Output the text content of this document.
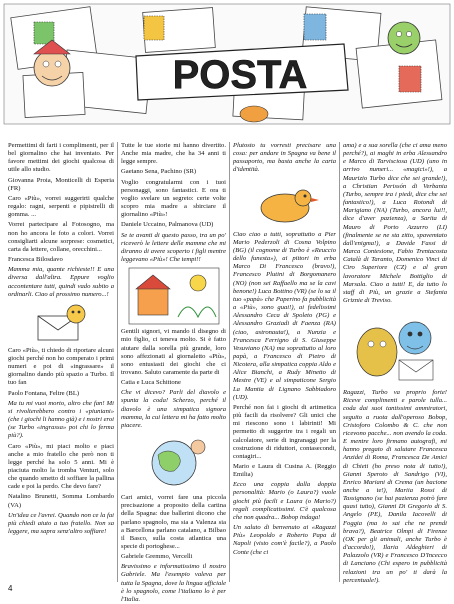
POSTA

Permettimi di farti i complimenti, per il bel giornalino che hai inventato. Per favore mettimi dei giochi qualcosa di utile allo studio.

Giovanna Proia, Monticelli di Esperia (FR)

Caro «Più», vorrei suggerirti qualche regalo: ragni, serpenti e pipistrelli di gomma. ...

Vorrei partecipare al Fotosogno, ma non ho ancora le foto a colori. Vorrei consigliarti alcune sorprese: cosmetici, carta da lettere, collane, orecchini...

Francesca Bilosdavo

Mamma mia, quante richieste!! E una diversa dall'altra. Eppure voglio accontentare tutti, quindi vado subito a ordinarli. Ciao al prossimo numero...!

Caro «Più», ti chiedo di riportare alcuni giochi perché non ho comperato i primi numeri e poi di «ingrassare» il giornalino dando più spazio a Turbo. Il tuo fan

Paolo Fontana, Feltre (BL)

Ma tu mi vuoi morto, altro che fan! Mi si rivolterebbero contro i «piuniani» (che i giochi li hanno già) e i nostri eroi (se Turbo «ingrassa» poi chi lo ferma più?).

Caro «Più», mi piaci molto e piaci anche a mio fratello che però non ti legge perché ha solo 5 anni. Mi è piaciuta molto la tromba Venturi, solo che quando smetto di soffiare la pallina cade e poi la perdo. Che devo fare?

Natalino Brunetti, Somma Lombardo (VA)

Un'idea ce l'avrei. Quando non ce la fai più chiedi aiuto a tuo fratello. Non sa leggere, ma sapra senz'altro soffiare!

Tutte le tue storie mi hanno divertito. Anche mia madre, che ha 34 anni ti legge sempre.

Gaetano Sena, Pachino (SR)

Voglio congratularmi con i tuoi personaggi, sono fantastici. E ora ti voglio svelare un segreto: certe volte scopro mia madre a sbirciare il giornalino «Più»!

Daniele Uccaino, Palmanova (UD)

Se te avanti di questo passo, tra un po' riceverò le lettere delle mamme che mi diranno di avere scoperto i figli mentre leggevano «Più»! Che tempi!!

Gentili signori, vi mando il disegno di mio figlio, ci teneva molto. Si è fatto aiutare dalla sorella più grande, loro sono affezionati al giornaletto «Più», sono entusiasti dei giochi che ci trovano. Saluto caramente da parte di

Catia e Luca Schittone

Che vi dicevo? Parli del diavolo e spunta la coda! Scherzo, perché il diavolo è una simpatica signora mamma, la cui lettera mi ha fatto molto piacere.

Cari amici, vorrei fare una piccola precisazione a proposito della cartina della Spagna: due ballerini dicono che parlano spagnolo, ma sia a Valenza sia a Barcellona parlano catalano, a Bilbao il Basco, sulla costa atlantica una specie di portoghese...

Gabriele Gremmo, Vercelli

Bravissimo e informatissimo il nostro Gabriele. Ma l'esempio valeva per tutta la Spagna, dove la lingua ufficiale è lo spagnolo, come l'italiano lo è per l'Italia.

Plutosto tu vorresti precisare una cosa: per andare in Spagna va bene il passaporto, ma basta anche la carta d'identità.

Ciao ciao a tutti, soprattutto a Pier Mario Pederzoli di Cosna Volpino (BG) (il cognome di Turbo è «Reuccio dello funesta»), ai pittori in erba Marco Di Francesco (bravo!), Francesco Plutini di Borgomanero (NO) (non sei Raffaello ma se la cavi benone!) Luca Bottino (VR) (se lo sa il tuo «papà» che Paperino fa pubblicità a «Più», sono guai!), ai fedelissimi Alessandro Ceca di Spoleto (PG) e Alessandro Graziadi di Faenza (RA) (ciao, astronauta!), a Nunzia e Francesca Ferrigno di S. Giuseppe Vesuviano (NA) ma soprattutto al loro papà, a Francesco di Pietro di Nicotera, alla simpatica coppia Aldo e Alice Bianchi, a Rudy Minetto di Mestre (VE) e al simpaticone Sergio La Mantia di Lignano Sabbiadoro (UD).

Perché non fai i giochi di artimetica più facili da risolvere? Gli unici che mi riescono sono i labirinti! Mi permetto di suggerire tra i regali un calcolatore, serie di ingranaggi per la costruzione di riduttori, contasecondi, contagiri...

Mario e Laura di Cusina A. (Reggio Emilia)

Ecco una coppia dalla doppia personalità: Mario (o Laura?) vuole giochi più facili e Laura (o Mario?) regali complicatissimi. C'è qualcosa che non quadra... Bobop indaga!

Un saluto di benvenuto ai «Ragazzi Più» Leopoldo e Roberto Papa di Napoli (visto com'è facile?), a Paolo Conte (che ci

ama) e a sua sorella (che ci ama meno perché?), ai maghi in erba Alessandro e Marco di Tarvisciosa (UD) (uno in arrivo numeri... «magici»!), a Maurizio Turbo dice che sei grande!), a Christian Perissón di Verbania (Turbo, sempre tra i piedi, dice che sei fantastico!), a Luca Rotondi di Marigiano (NA) (Turbo, ancora lui!!, dice d'aver pazienza), a Sarita di Mauro di Porto Azzurro (LI) (finalmente se ne sta zitto, spavemtato dall'enigma!), a Davide Fassi di Marca Contesione, Fabio Trentacosta Català di Taranto, Domenico Vinci di Ciro Superiore (CZ) e al gran lavoratore Michele Bottiglio di Marsala. Ciao a tutti! E, da tutto lo staff di Più, un grazie a Stefania Griznie di Treviso.

Ragazzi, Turbo va proprio forte! Riceve complimenti e parole tulla... coda dai suoi tantissimi ammiratori, seguito a ruota dall'operoso Bobop, Cristoforo Colombo & C. che non ricevono pacche... non avendo la coda. E mentre loro firmano autografi, mi hanno pregato di salutare Francesca Anzidei di Roma, Francesca De Amici di Chieti (ho preso nota di tutto!), Gianni Speroto di Sandrigo (VI), Enrico Mariani di Crema (un bacione anche a te!), Mariia Rossi di Tassignano (se hai pazienza potrò fare quasi tutto), Gianni Di Gregorio di S. Angelo (PE), Danila Iacovelli di Foggia (ma io sai che ne prendi brava?), Beatrice Olmpi di Firenze (OK per gli animali, anche Turbo è d'accordo!), Ilaria Aldeghieri di Palazzolo (VR) e Francesco D'Incecco di Lanciano (Chi espero in pubblicità relazioni tra un po' ti darà la percentuale!).

4
